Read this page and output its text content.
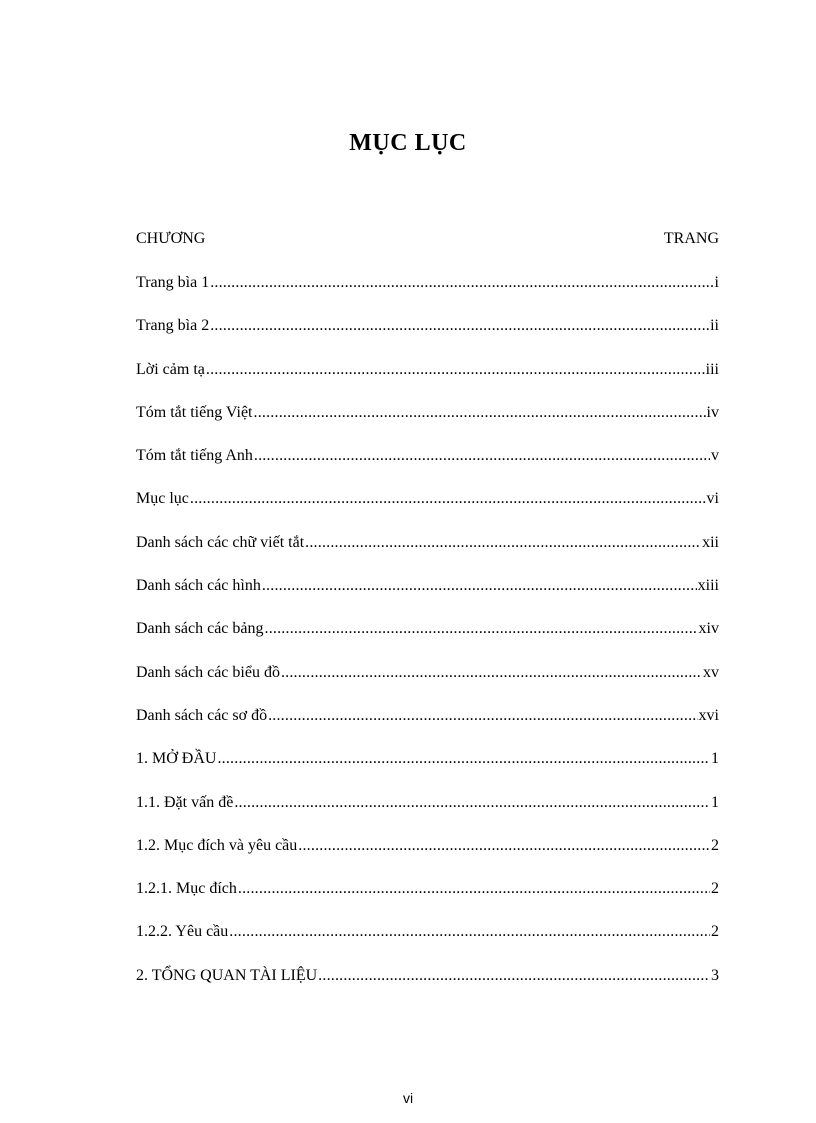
MỤC LỤC
CHƯƠNG	TRANG
Trang bìa 1 .....	i
Trang bìa 2 .....	ii
Lời cảm tạ .....	iii
Tóm tắt tiếng Việt .....	iv
Tóm tắt tiếng Anh .....	v
Mục lục .....	vi
Danh sách các chữ viết tắt .....	xii
Danh sách các hình .....	xiii
Danh sách các bảng .....	xiv
Danh sách các biểu đồ .....	xv
Danh sách các sơ đồ .....	xvi
1. MỞ ĐẦU .....	1
1.1. Đặt vấn đề .....	1
1.2. Mục đích và yêu cầu .....	2
1.2.1. Mục đích .....	2
1.2.2. Yêu cầu .....	2
2. TỔNG QUAN TÀI LIỆU .....	3
vi
